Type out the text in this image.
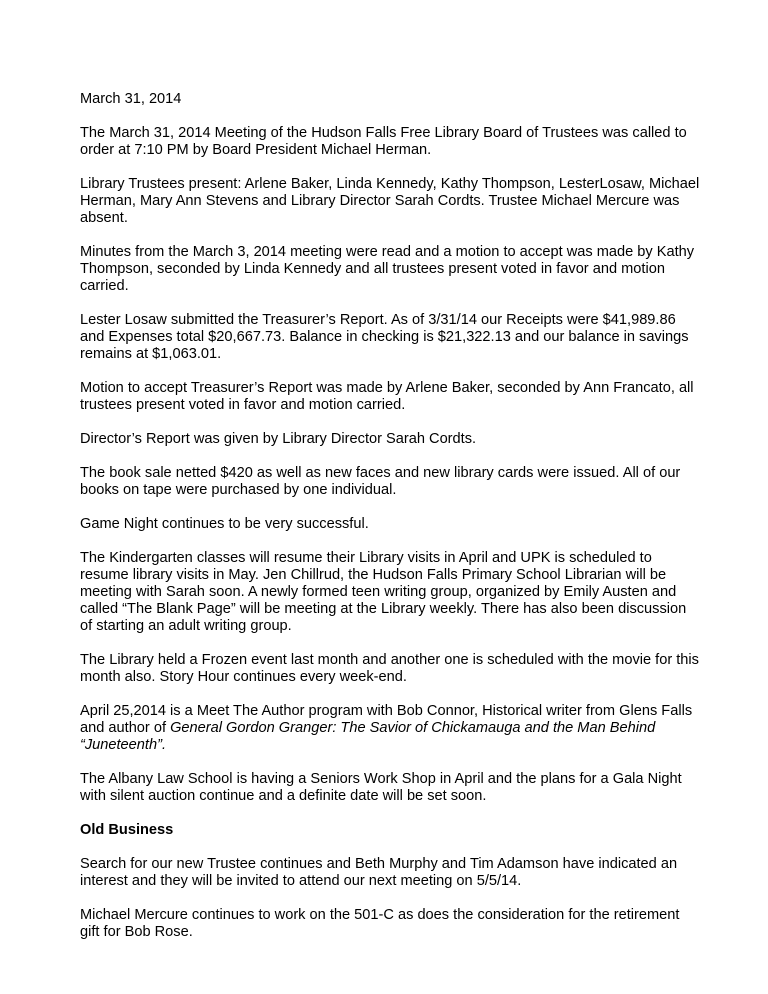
March 31, 2014

The March 31, 2014 Meeting of the Hudson Falls Free Library Board of Trustees was called to order at 7:10 PM by Board President Michael Herman.

Library Trustees present: Arlene Baker, Linda Kennedy, Kathy Thompson, LesterLosaw, Michael Herman, Mary Ann Stevens and Library Director Sarah Cordts. Trustee Michael Mercure was absent.

Minutes from the March 3, 2014 meeting were read and a motion to accept was made by Kathy Thompson, seconded by Linda Kennedy and all trustees present voted in favor and motion carried.

Lester Losaw submitted the Treasurer’s Report. As of 3/31/14 our Receipts were $41,989.86 and Expenses total $20,667.73. Balance in checking is $21,322.13 and our balance in savings remains at $1,063.01.

Motion to accept Treasurer’s Report was made by Arlene Baker, seconded by Ann Francato, all trustees present voted in favor and motion carried.

Director’s Report was given by Library Director Sarah Cordts.

The book sale netted $420 as well as new faces and new library cards were issued. All of our books on tape were purchased by one individual.

Game Night continues to be very successful.

The Kindergarten classes will resume their Library visits in April and UPK is scheduled to resume library visits in May. Jen Chillrud, the Hudson Falls Primary School Librarian will be meeting with Sarah soon. A newly formed teen writing group, organized by Emily Austen and called “The Blank Page” will be meeting at the Library weekly. There has also been discussion of starting an adult writing group.

The Library held a Frozen event last month and another one is scheduled with the movie for this month also. Story Hour continues every week-end.

April 25,2014 is a Meet The Author program with Bob Connor, Historical writer from Glens Falls and author of General Gordon Granger: The Savior of Chickamauga and the Man Behind “Juneteenth”.

The Albany Law School is having a Seniors Work Shop in April and the plans for a Gala Night with silent auction continue and a definite date will be set soon.

Old Business

Search for our new Trustee continues and Beth Murphy and Tim Adamson have indicated an interest and they will be invited to attend our next meeting on 5/5/14.

Michael Mercure continues to work on the 501-C as does the consideration for the retirement gift for Bob Rose.
